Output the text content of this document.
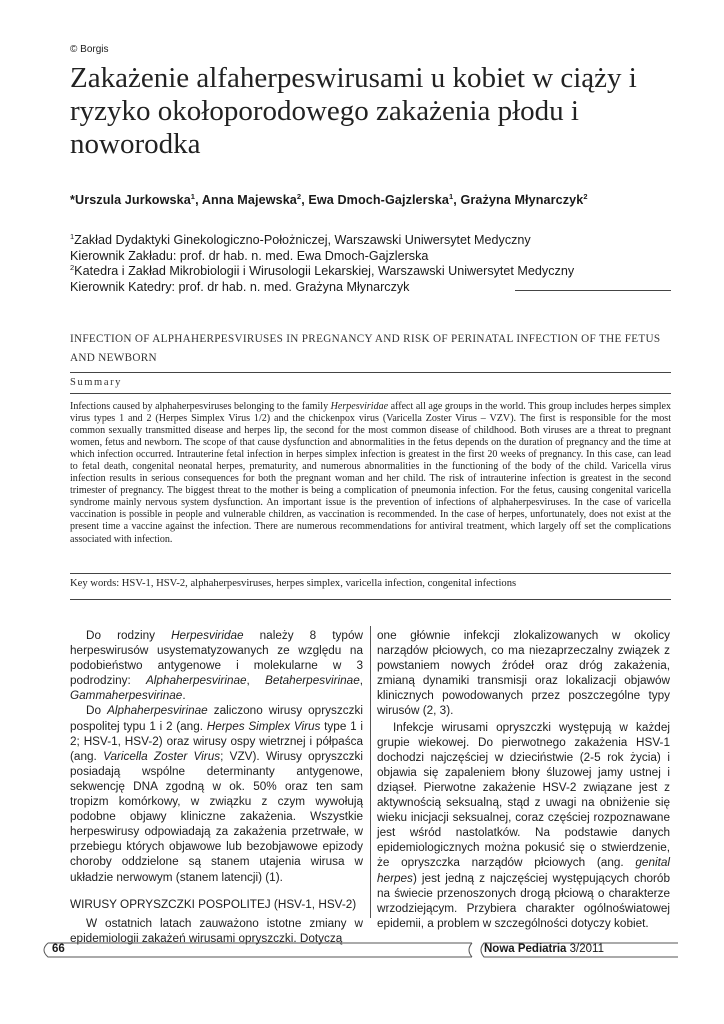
© Borgis
Zakażenie alfaherpeswirusami u kobiet w ciąży i ryzyko okołoporodowego zakażenia płodu i noworodka
*Urszula Jurkowska$^1$, Anna Majewska$^2$, Ewa Dmoch-Gajzlerska$^1$, Grażyna Młynarczyk$^2$
$^1$Zakład Dydaktyki Ginekologiczno-Położniczej, Warszawski Uniwersytet Medyczny
Kierownik Zakładu: prof. dr hab. n. med. Ewa Dmoch-Gajzlerska
$^2$Katedra i Zakład Mikrobiologii i Wirusologii Lekarskiej, Warszawski Uniwersytet Medyczny
Kierownik Katedry: prof. dr hab. n. med. Grażyna Młynarczyk
INFECTION OF ALPHAHERPESVIRUSES IN PREGNANCY AND RISK OF PERINATAL INFECTION OF THE FETUS AND NEWBORN
Summary

Infections caused by alphaherpesviruses belonging to the family Herpesviridae affect all age groups in the world. This group includes herpes simplex virus types 1 and 2 (Herpes Simplex Virus 1/2) and the chickenpox virus (Varicella Zoster Virus – VZV). The first is responsible for the most common sexually transmitted disease and herpes lip, the second for the most common disease of childhood. Both viruses are a threat to pregnant women, fetus and newborn. The scope of that cause dysfunction and abnormalities in the fetus depends on the duration of pregnancy and the time at which infection occurred. Intrauterine fetal infection in herpes simplex infection is greatest in the first 20 weeks of pregnancy. In this case, can lead to fetal death, congenital neonatal herpes, prematurity, and numerous abnormalities in the functioning of the body of the child. Varicella virus infection results in serious consequences for both the pregnant woman and her child. The risk of intrauterine infection is greatest in the second trimester of pregnancy. The biggest threat to the mother is being a complication of pneumonia infection. For the fetus, causing congenital varicella syndrome mainly nervous system dysfunction. An important issue is the prevention of infections of alphaherpesviruses. In the case of varicella vaccination is possible in people and vulnerable children, as vaccination is recommended. In the case of herpes, unfortunately, does not exist at the present time a vaccine against the infection. There are numerous recommendations for antiviral treatment, which largely off set the complications associated with infection.

Key words: HSV-1, HSV-2, alphaherpesviruses, herpes simplex, varicella infection, congenital infections

Do rodziny Herpesviridae należy 8 typów herpeswirusów usystematyzowanych ze względu na podobieństwo antygenowe i molekularne w 3 podrodziny: Alphaherpesvirinae, Betaherpesvirinae, Gammaherpesvirinae.

Do Alphaherpesvirinae zaliczono wirusy opryszczki pospolitej typu 1 i 2 (ang. Herpes Simplex Virus type 1 i 2; HSV-1, HSV-2) oraz wirusy ospy wietrznej i półpaśca (ang. Varicella Zoster Virus; VZV). Wirusy opryszczki posiadają wspólne determinanty antygenowe, sekwencję DNA zgodną w ok. 50% oraz ten sam tropizm komórkowy, w związku z czym wywołują podobne objawy kliniczne zakażenia. Wszystkie herpeswirusy odpowiadają za zakażenia przetrwałe, w przebiegu których objawowe lub bezobjawowe epizody choroby oddzielone są stanem utajenia wirusa w układzie nerwowym (stanem latencji) (1).

WIRUSY OPRYSZCZKI POSPOLITEJ (HSV-1, HSV-2)

W ostatnich latach zauważono istotne zmiany w epidemiologii zakażeń wirusami opryszczki. Dotyczą

one głównie infekcji zlokalizowanych w okolicy narządów płciowych, co ma niezaprzeczalny związek z powstaniem nowych źródeł oraz dróg zakażenia, zmianą dynamiki transmisji oraz lokalizacji objawów klinicznych powodowanych przez poszczególne typy wirusów (2, 3).

Infekcje wirusami opryszczki występują w każdej grupie wiekowej. Do pierwotnego zakażenia HSV-1 dochodzi najczęściej w dzieciństwie (2-5 rok życia) i objawia się zapaleniem błony śluzowej jamy ustnej i dziąseł. Pierwotne zakażenie HSV-2 związane jest z aktywnością seksualną, stąd z uwagi na obniżenie się wieku inicjacji seksualnej, coraz częściej rozpoznawane jest wśród nastolatków. Na podstawie danych epidemiologicznych można pokusić się o stwierdzenie, że opryszczka narządów płciowych (ang. genital herpes) jest jedną z najczęściej występujących chorób na świecie przenoszonych drogą płciową o charakterze wrzodziejącym. Przybiera charakter ogólnoświatowej epidemii, a problem w szczególności dotyczy kobiet.

66	Nowa Pediatria 3/2011
